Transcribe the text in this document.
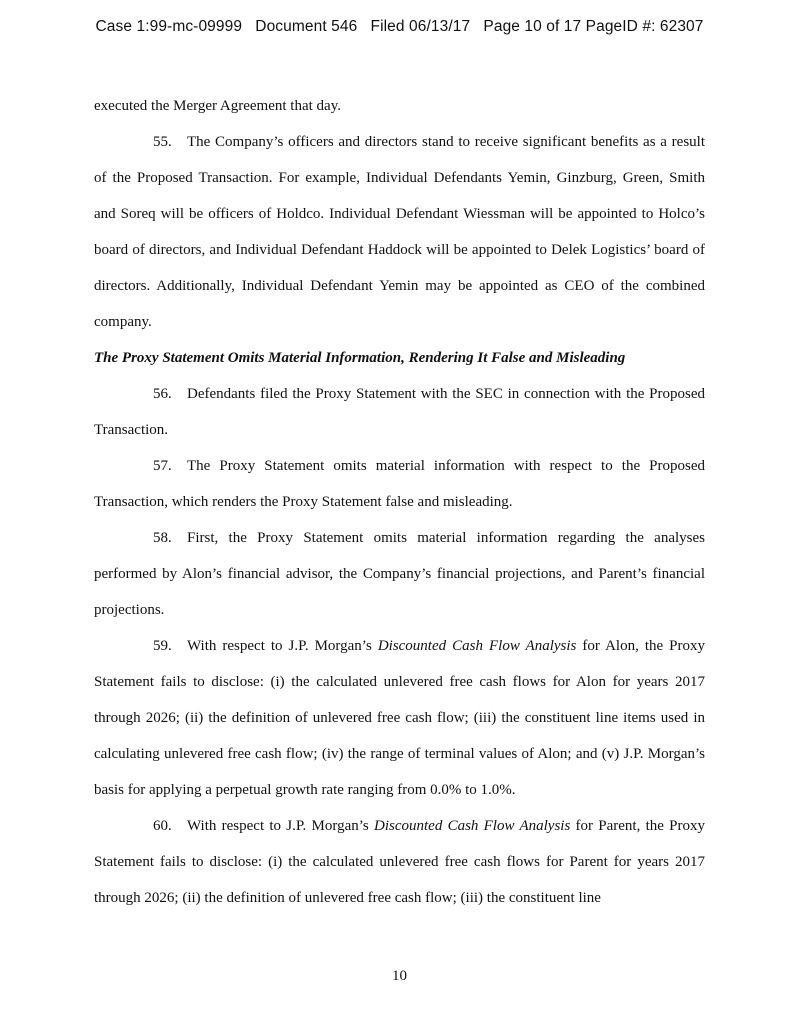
Case 1:99-mc-09999 Document 546 Filed 06/13/17 Page 10 of 17 PageID #: 62307

executed the Merger Agreement that day.

55. The Company’s officers and directors stand to receive significant benefits as a result of the Proposed Transaction. For example, Individual Defendants Yemin, Ginzburg, Green, Smith and Soreq will be officers of Holdco. Individual Defendant Wiessman will be appointed to Holco’s board of directors, and Individual Defendant Haddock will be appointed to Delek Logistics’ board of directors. Additionally, Individual Defendant Yemin may be appointed as CEO of the combined company.

The Proxy Statement Omits Material Information, Rendering It False and Misleading

56. Defendants filed the Proxy Statement with the SEC in connection with the Proposed Transaction.

57. The Proxy Statement omits material information with respect to the Proposed Transaction, which renders the Proxy Statement false and misleading.

58. First, the Proxy Statement omits material information regarding the analyses performed by Alon’s financial advisor, the Company’s financial projections, and Parent’s financial projections.

59. With respect to J.P. Morgan’s Discounted Cash Flow Analysis for Alon, the Proxy Statement fails to disclose: (i) the calculated unlevered free cash flows for Alon for years 2017 through 2026; (ii) the definition of unlevered free cash flow; (iii) the constituent line items used in calculating unlevered free cash flow; (iv) the range of terminal values of Alon; and (v) J.P. Morgan’s basis for applying a perpetual growth rate ranging from 0.0% to 1.0%.

60. With respect to J.P. Morgan’s Discounted Cash Flow Analysis for Parent, the Proxy Statement fails to disclose: (i) the calculated unlevered free cash flows for Parent for years 2017 through 2026; (ii) the definition of unlevered free cash flow; (iii) the constituent line

10
